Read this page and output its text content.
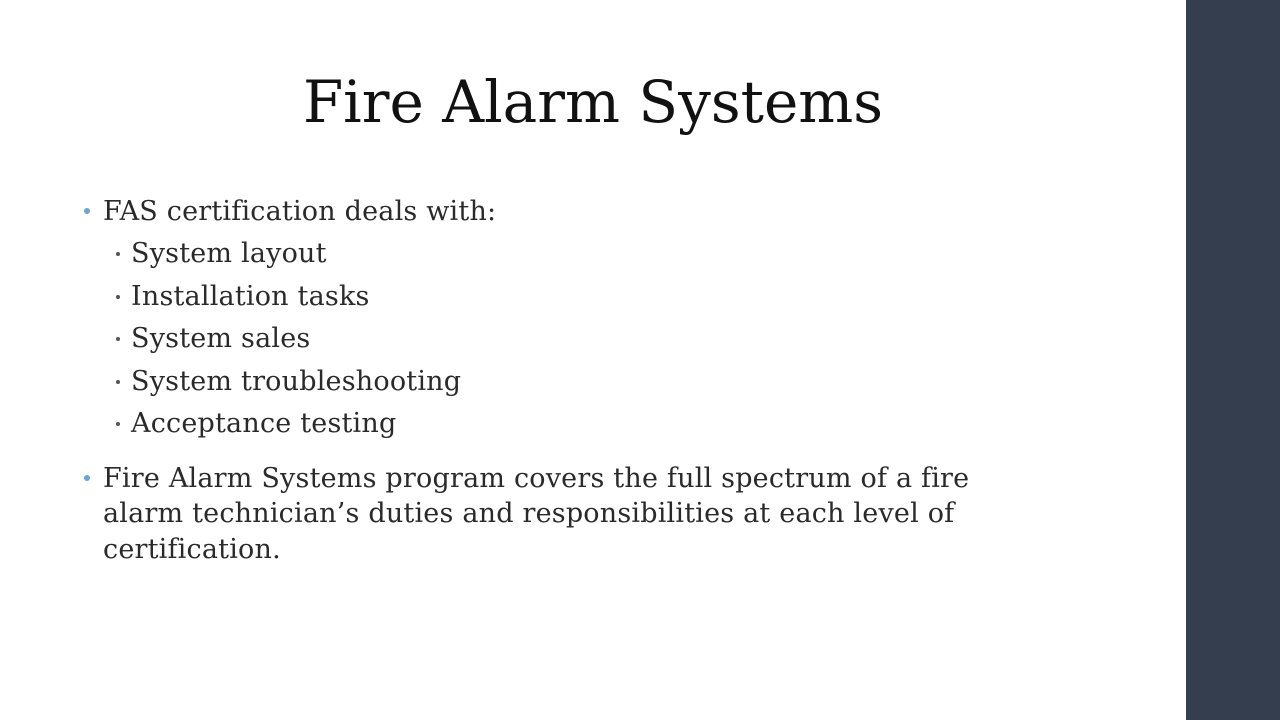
Fire Alarm Systems
FAS certification deals with:
System layout
Installation tasks
System sales
System troubleshooting
Acceptance testing
Fire Alarm Systems program covers the full spectrum of a fire alarm technician’s duties and responsibilities at each level of certification.
